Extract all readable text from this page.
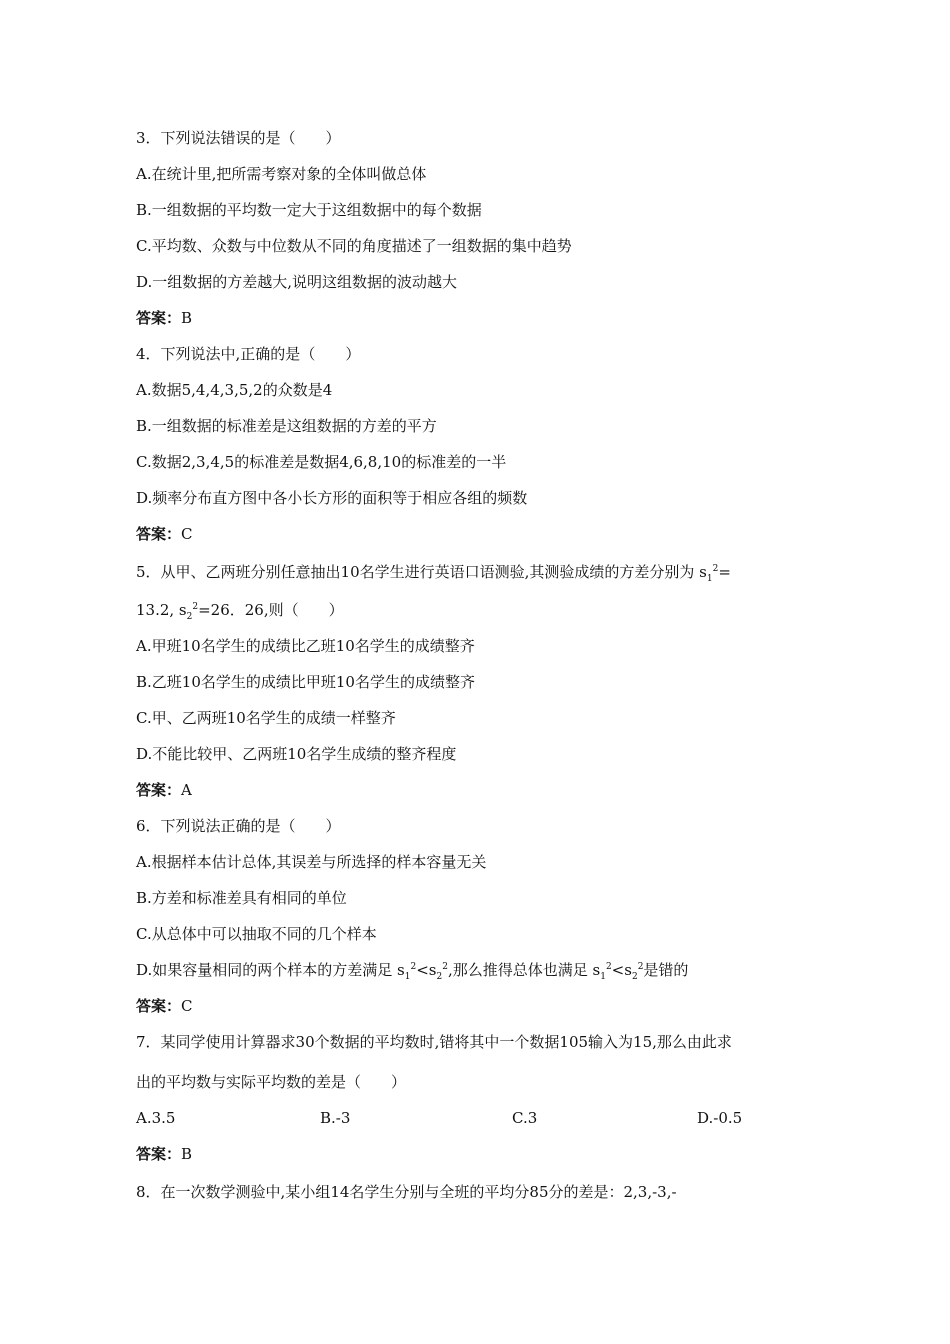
3．下列说法错误的是（　　）
A.在统计里,把所需考察对象的全体叫做总体
B.一组数据的平均数一定大于这组数据中的每个数据
C.平均数、众数与中位数从不同的角度描述了一组数据的集中趋势
D.一组数据的方差越大,说明这组数据的波动越大
答案：B
4．下列说法中,正确的是（　　）
A.数据5,4,4,3,5,2的众数是4
B.一组数据的标准差是这组数据的方差的平方
C.数据2,3,4,5的标准差是数据4,6,8,10的标准差的一半
D.频率分布直方图中各小长方形的面积等于相应各组的频数
答案：C
5．从甲、乙两班分别任意抽出10名学生进行英语口语测验,其测验成绩的方差分别为 $s_1^2=$
13.2, $s_2^2=26$．26,则（　　）
A.甲班10名学生的成绩比乙班10名学生的成绩整齐
B.乙班10名学生的成绩比甲班10名学生的成绩整齐
C.甲、乙两班10名学生的成绩一样整齐
D.不能比较甲、乙两班10名学生成绩的整齐程度
答案：A
6．下列说法正确的是（　　）
A.根据样本估计总体,其误差与所选择的样本容量无关
B.方差和标准差具有相同的单位
C.从总体中可以抽取不同的几个样本
D.如果容量相同的两个样本的方差满足 $s_1^2<s_2^2$,那么推得总体也满足 $s_1^2<s_2^2$是错的
答案：C
7．某同学使用计算器求30个数据的平均数时,错将其中一个数据105输入为15,那么由此求
出的平均数与实际平均数的差是（　　）
A.3.5	B.-3	C.3	D.-0.5
答案：B
8．在一次数学测验中,某小组14名学生分别与全班的平均分85分的差是：2,3,-3,-
